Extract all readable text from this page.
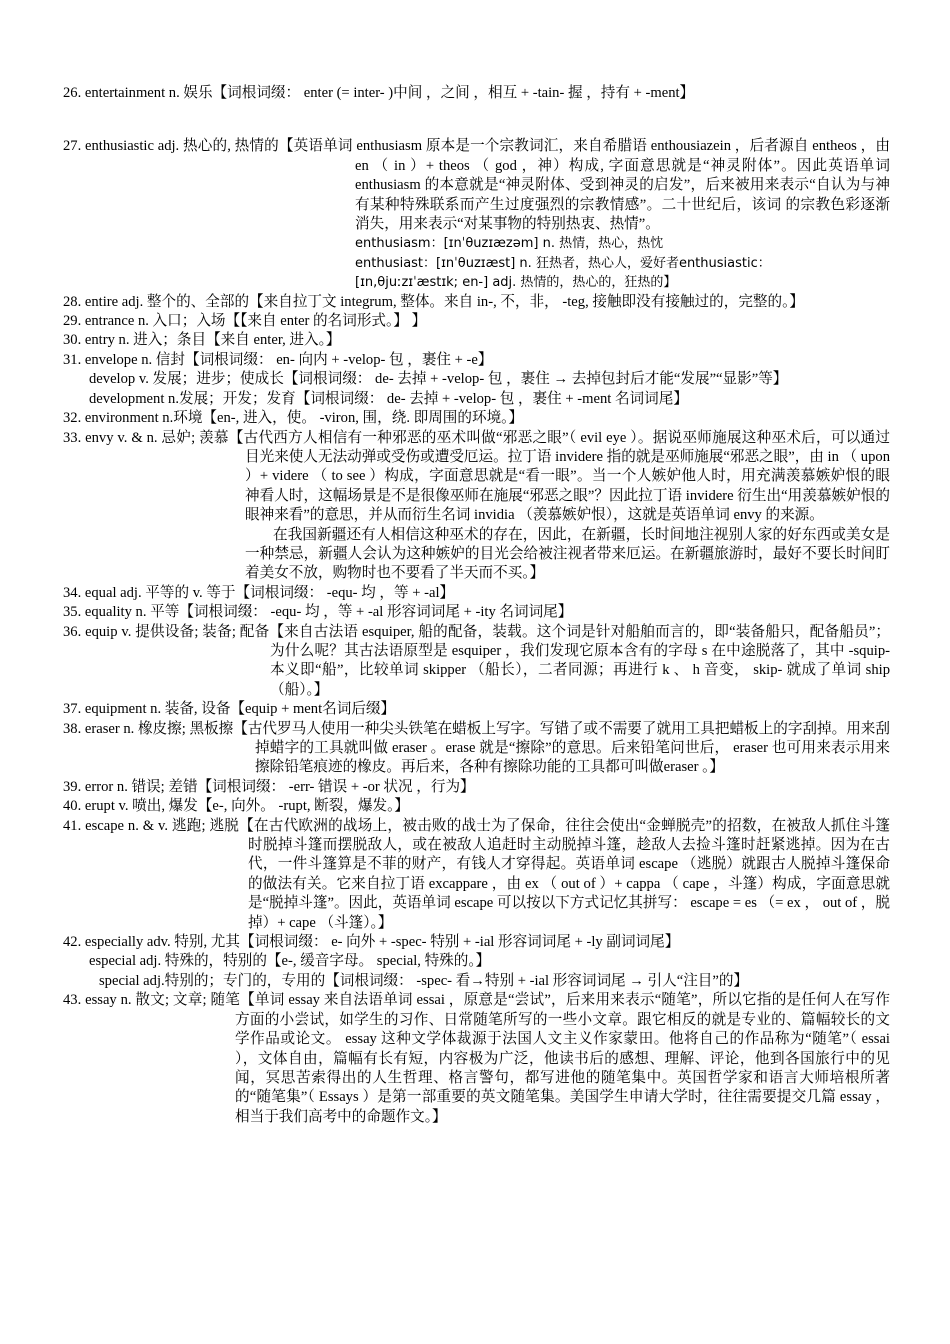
26. entertainment n. 娱乐【词根词缀： enter (= inter- )中间 ，之间 ，相互 + -tain- 握 ，持有 + -ment】
27. enthusiastic adj. 热心的, 热情的【英语单词 enthusiasm 原本是一个宗教词汇，来自希腊语 enthousiazein ，后者源自 entheos ，由 en （ in ）+ theos （ god ，神）构成, 字面意思就是“神灵附体”。因此英语单词 enthusiasm 的本意就是“神灵附体、受到神灵的启发”，后来被用来表示“自认为与神有某种特殊联系而产生过度强烈的宗教情感”。二十世纪后，该词 的宗教色彩逐渐消失，用来表示“对某事物的特别热衷、热情”。
enthusiasm：[ɪnˈθuzɪæzəm] n. 热情，热心，热忱
enthusiast：[ɪnˈθuzɪæst] n. 狂热者，热心人，爱好者enthusiastic：
[ɪn,θjuːzɪˈæstɪk; en-] adj. 热情的，热心的，狂热的】
28. entire adj. 整个的、全部的【来自拉丁文 integrum, 整体。来自 in-, 不，非， -teg, 接触即没有接触过的，完整的。】
29. entrance n. 入口；入场【【来自 enter 的名词形式。】 】
30. entry n. 进入；条目【来自 enter, 进入。】
31. envelope n. 信封【词根词缀： en- 向内 + -velop- 包 ，裹住 + -e】
develop v. 发展；进步；使成长【词根词缀： de- 去掉 + -velop- 包 ，裹住 → 去掉包封后才能“发展”“显影”等】
development n.发展；开发；发育【词根词缀： de- 去掉 + -velop- 包 ，裹住 + -ment 名词词尾】
32. environment n.环境【en-, 进入，使。 -viron, 围，绕. 即周围的环境。】
33. envy v. & n. 忌妒; 羡慕【古代西方人相信有一种邪恶的巫术叫做“邪恶之眼”（ evil eye ）。据说巫师施展这种巫术后，可以通过目光来使人无法动弹或受伤或遭受厄运。拉丁语 invidere 指的就是巫师施展“邪恶之眼”，由 in （ upon ）+ videre （ to see ）构成，字面意思就是“看一眼”。当一个人嫉妒他人时，用充满羡慕嫉妒恨的眼神看人时，这幅场景是不是很像巫师在施展“邪恶之眼”？因此拉丁语 invidere 衍生出“用羡慕嫉妒恨的眼神来看”的意思，并从而衍生名词 invidia （羡慕嫉妒恨），这就是英语单词 envy 的来源。
在我国新疆还有人相信这种巫术的存在，因此，在新疆，长时间地注视别人家的好东西或美女是一种禁忌，新疆人会认为这种嫉妒的目光会给被注视者带来厄运。在新疆旅游时，最好不要长时间盯着美女不放，购物时也不要看了半天而不买。】
34. equal adj. 平等的 v. 等于【词根词缀： -equ- 均 ，等 + -al】
35. equality n. 平等【词根词缀： -equ- 均 ，等 + -al 形容词词尾 + -ity 名词词尾】
36. equip v. 提供设备; 装备; 配备【来自古法语 esquiper, 船的配备，装载。这个词是针对船舶而言的，即“装备船只，配备船员”；为什么呢？其古法语原型是 esquiper ，我们发现它原本含有的字母 s 在中途脱落了，其中 -squip- 本义即“船”，比较单词 skipper （船长），二者同源；再进行 k 、 h 音变， skip- 就成了单词 ship （船）。】
37. equipment n. 装备, 设备【equip + ment名词后缀】
38. eraser n. 橡皮擦; 黑板擦【古代罗马人使用一种尖头铁笔在蜡板上写字。写错了或不需要了就用工具把蜡板上的字刮掉。用来刮掉蜡字的工具就叫做 eraser 。erase 就是“擦除”的意思。后来铅笔问世后， eraser 也可用来表示用来擦除铅笔痕迹的橡皮。再后来，各种有擦除功能的工具都可叫做eraser 。】
39. error n. 错误; 差错【词根词缀： -err- 错误 + -or 状况 ，行为】
40. erupt v. 喷出, 爆发【e-, 向外。 -rupt, 断裂，爆发。】
41. escape n. & v. 逃跑; 逃脱【在古代欧洲的战场上，被击败的战士为了保命，往往会使出“金蝉脱壳”的招数，在被敌人抓住斗篷时脱掉斗篷而摆脱敌人，或在被敌人追赶时主动脱掉斗篷，趁敌人去捡斗篷时赶紧逃掉。因为在古代，一件斗篷算是不菲的财产，有钱人才穿得起。英语单词 escape （逃脱）就跟古人脱掉斗篷保命的做法有关。它来自拉丁语 excappare ，由 ex （ out of ）+ cappa （ cape ，斗篷）构成，字面意思就是“脱掉斗篷”。因此，英语单词 escape 可以按以下方式记忆其拼写： escape = es （= ex ， out of ，脱掉）+ cape （斗篷）。】
42. especially adv. 特别, 尤其【词根词缀： e- 向外 + -spec- 特别 + -ial 形容词词尾 + -ly 副词词尾】
especial adj. 特殊的，特别的【e-, 缓音字母。 special, 特殊的。】
special adj.特别的；专门的，专用的【词根词缀： -spec- 看→特别 + -ial 形容词词尾 → 引人“注目”的】
43. essay n. 散文; 文章; 随笔【单词 essay 来自法语单词 essai ，原意是“尝试”，后来用来表示“随笔”，所以它指的是任何人在写作方面的小尝试，如学生的习作、日常随笔所写的一些小文章。跟它相反的就是专业的、篇幅较长的文学作品或论文。 essay 这种文学体裁源于法国人文主义作家蒙田。他将自己的作品称为“随笔”（ essai ），文体自由，篇幅有长有短，内容极为广泛，他读书后的感想、理解、评论，他到各国旅行中的见闻，冥思苦索得出的人生哲理、格言警句，都写进他的随笔集中。英国哲学家和语言大师培根所著的“随笔集”（ Essays ）是第一部重要的英文随笔集。美国学生申请大学时，往往需要提交几篇 essay ，相当于我们高考中的命题作文。】
